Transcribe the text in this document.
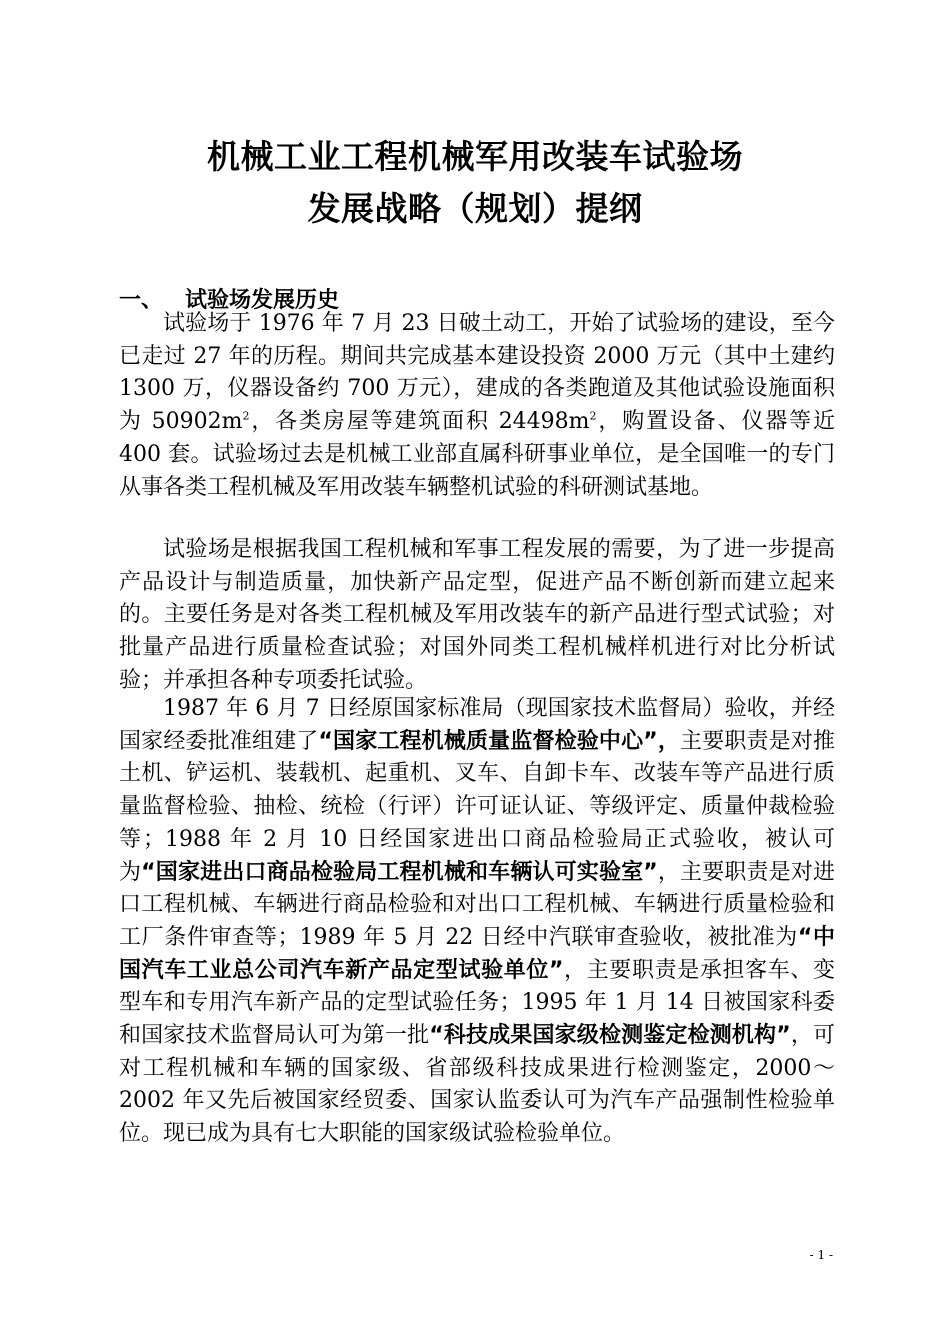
机械工业工程机械军用改装车试验场
发展战略（规划）提纲
一、 试验场发展历史

试验场于 1976 年 7 月 23 日破土动工，开始了试验场的建设，至今已走过 27 年的历程。期间共完成基本建设投资 2000 万元（其中土建约 1300 万，仪器设备约 700 万元），建成的各类跑道及其他试验设施面积为 $50902m^2$，各类房屋等建筑面积 $24498m^2$，购置设备、仪器等近 400 套。试验场过去是机械工业部直属科研事业单位，是全国唯一的专门从事各类工程机械及军用改装车辆整机试验的科研测试基地。

试验场是根据我国工程机械和军事工程发展的需要，为了进一步提高产品设计与制造质量，加快新产品定型，促进产品不断创新而建立起来的。主要任务是对各类工程机械及军用改装车的新产品进行型式试验；对批量产品进行质量检查试验；对国外同类工程机械样机进行对比分析试验；并承担各种专项委托试验。

1987 年 6 月 7 日经原国家标准局（现国家技术监督局）验收，并经国家经委批准组建了“国家工程机械质量监督检验中心”，主要职责是对推土机、铲运机、装载机、起重机、叉车、自卸卡车、改装车等产品进行质量监督检验、抽检、统检（行评）许可证认证、等级评定、质量仲裁检验等；1988 年 2 月 10 日经国家进出口商品检验局正式验收，被认可为“国家进出口商品检验局工程机械和车辆认可实验室”，主要职责是对进口工程机械、车辆进行商品检验和对出口工程机械、车辆进行质量检验和工厂条件审查等；1989 年 5 月 22 日经中汽联审查验收，被批准为“中国汽车工业总公司汽车新产品定型试验单位”，主要职责是承担客车、变型车和专用汽车新产品的定型试验任务；1995 年 1 月 14 日被国家科委和国家技术监督局认可为第一批“科技成果国家级检测鉴定检测机构”，可对工程机械和车辆的国家级、省部级科技成果进行检测鉴定，2000～2002 年又先后被国家经贸委、国家认监委认可为汽车产品强制性检验单位。现已成为具有七大职能的国家级试验检验单位。

- 1 -
